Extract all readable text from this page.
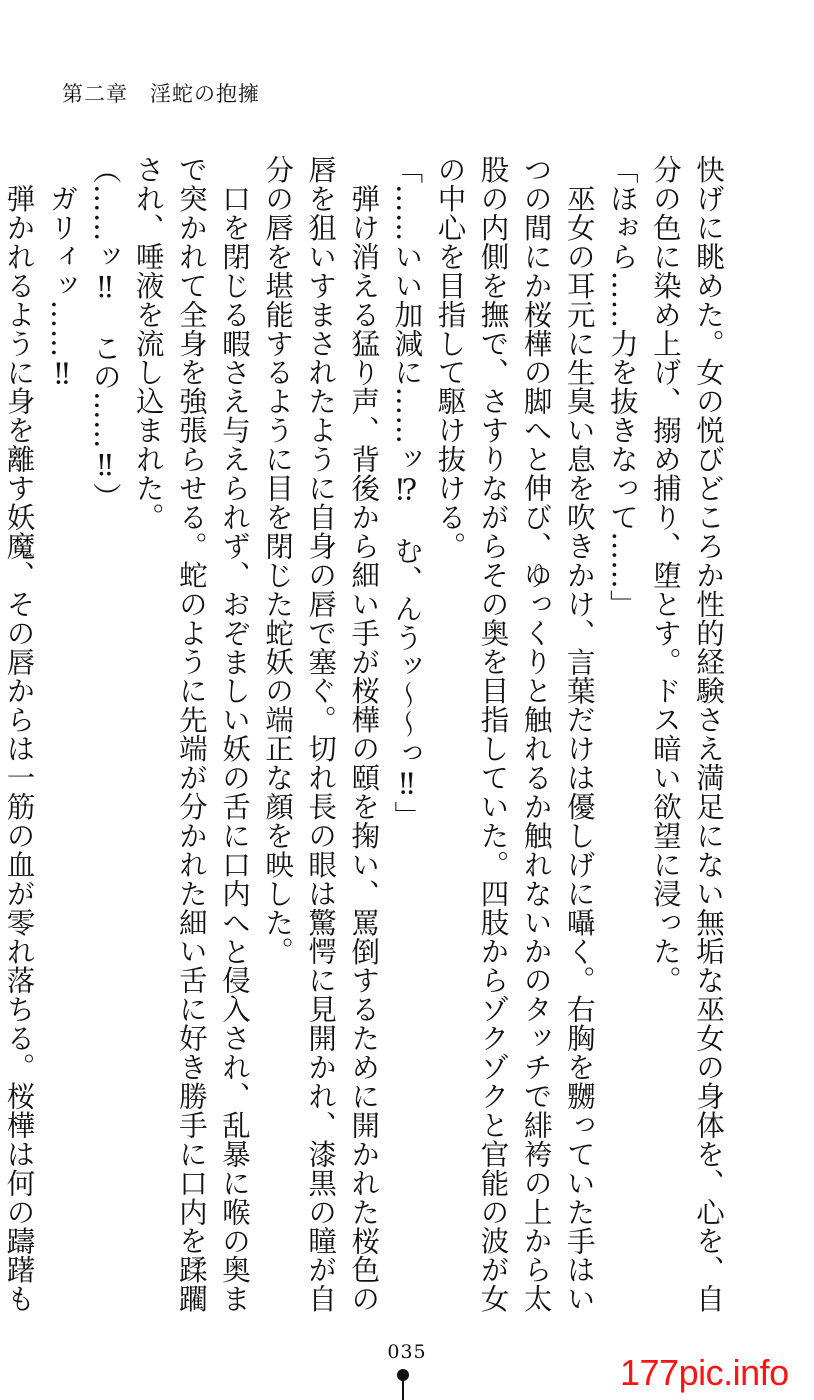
第二章　淫蛇の抱擁
快げに眺めた。女の悦びどころか性的経験さえ満足にない無垢な巫女の身体を、心を、自
分の色に染め上げ、搦め捕り、堕とす。ドス暗い欲望に浸った。
「ほぉら……力を抜きなって……」
巫女の耳元に生臭い息を吹きかけ、言葉だけは優しげに囁く。右胸を嬲っていた手はい
つの間にか桜樺の脚へと伸び、ゆっくりと触れるか触れないかのタッチで緋袴の上から太
股の内側を撫で、さすりながらその奥を目指していた。四肢からゾクゾクと官能の波が女
の中心を目指して駆け抜ける。
「……いい加減に……ッ⁉　む、んうッ～～っ‼」
弾け消える猛り声、背後から細い手が桜樺の頤を掬い、罵倒するために開かれた桜色の
唇を狙いすまされたように自身の唇で塞ぐ。切れ長の眼は驚愕に見開かれ、漆黒の瞳が自
分の唇を堪能するように目を閉じた蛇妖の端正な顔を映した。
口を閉じる暇さえ与えられず、おぞましい妖の舌に口内へと侵入され、乱暴に喉の奥ま
で突かれて全身を強張らせる。蛇のように先端が分かれた細い舌に好き勝手に口内を蹂躙
され、唾液を流し込まれた。
（……ッ‼　この……‼）
ガリィッ……‼
弾かれるように身を離す妖魔、その唇からは一筋の血が零れ落ちる。桜樺は何の躊躇も
035	177pic.info
